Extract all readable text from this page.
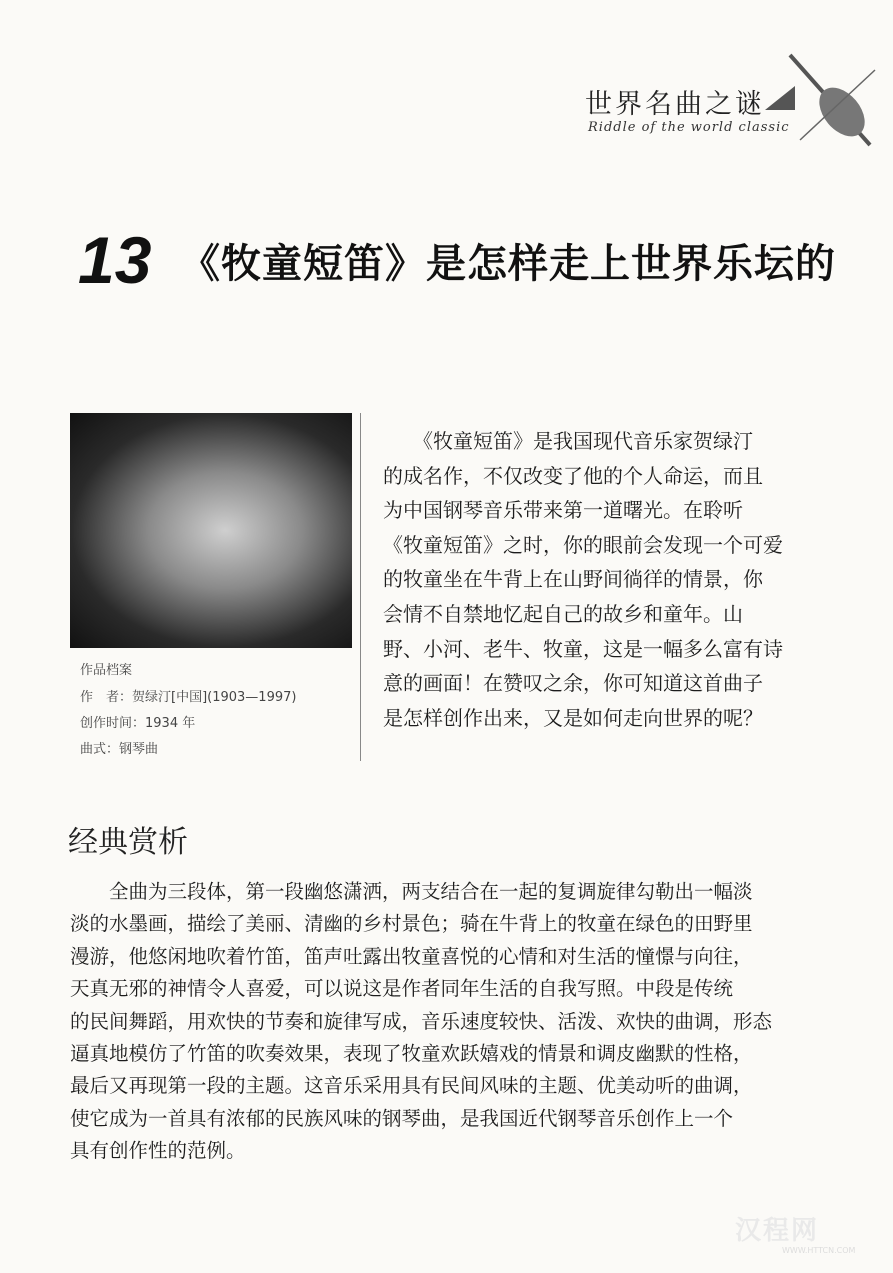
世界名曲之谜
Riddle of the world classic
13 《牧童短笛》是怎样走上世界乐坛的
作品档案
作　者：贺绿汀[中国](1903—1997)
创作时间：1934 年
曲式：钢琴曲
　　《牧童短笛》是我国现代音乐家贺绿汀
的成名作，不仅改变了他的个人命运，而且
为中国钢琴音乐带来第一道曙光。在聆听
《牧童短笛》之时，你的眼前会发现一个可爱
的牧童坐在牛背上在山野间徜徉的情景，你
会情不自禁地忆起自己的故乡和童年。山
野、小河、老牛、牧童，这是一幅多么富有诗
意的画面！在赞叹之余，你可知道这首曲子
是怎样创作出来，又是如何走向世界的呢？
经典赏析
　　全曲为三段体，第一段幽悠潇洒，两支结合在一起的复调旋律勾勒出一幅淡
淡的水墨画，描绘了美丽、清幽的乡村景色；骑在牛背上的牧童在绿色的田野里
漫游，他悠闲地吹着竹笛，笛声吐露出牧童喜悦的心情和对生活的憧憬与向往，
天真无邪的神情令人喜爱，可以说这是作者同年生活的自我写照。中段是传统
的民间舞蹈，用欢快的节奏和旋律写成，音乐速度较快、活泼、欢快的曲调，形态
逼真地模仿了竹笛的吹奏效果，表现了牧童欢跃嬉戏的情景和调皮幽默的性格，
最后又再现第一段的主题。这音乐采用具有民间风味的主题、优美动听的曲调，
使它成为一首具有浓郁的民族风味的钢琴曲，是我国近代钢琴音乐创作上一个
具有创作性的范例。
汉程网
WWW.HTTCN.COM
